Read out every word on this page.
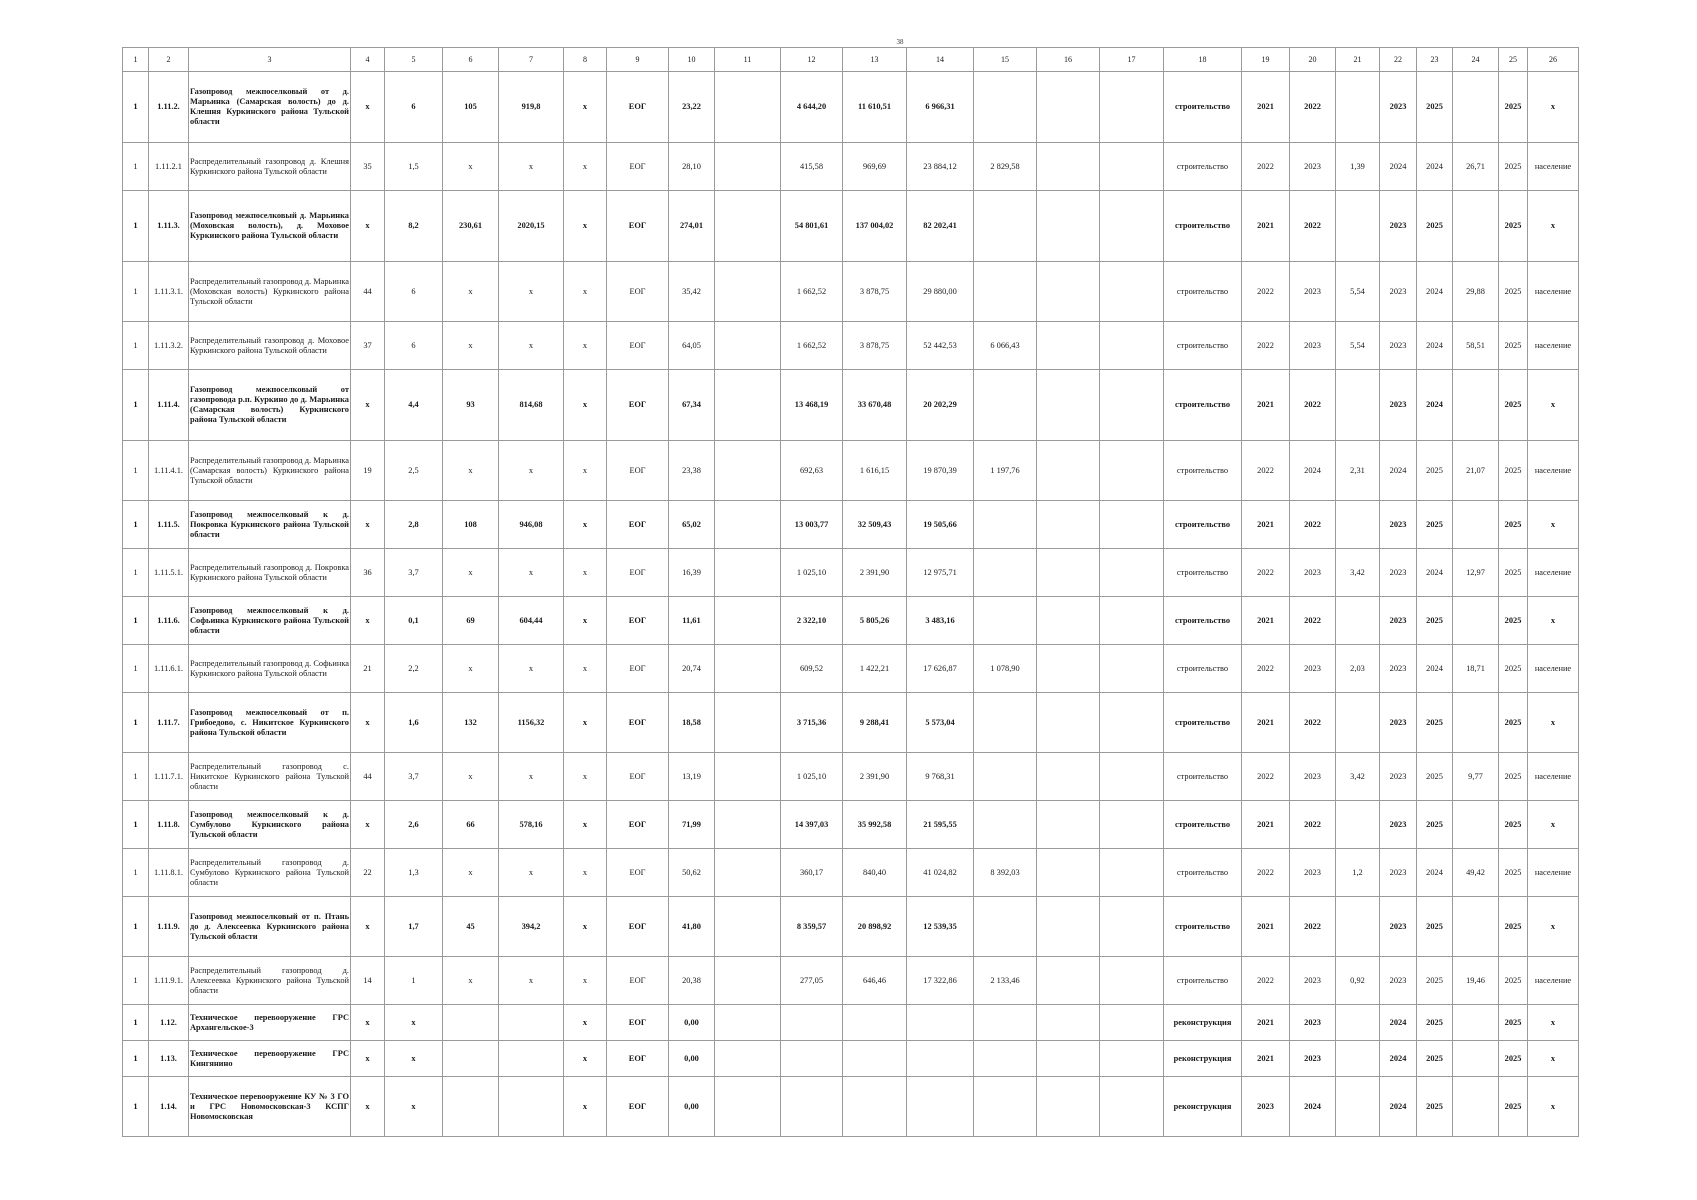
38
1	2	3	4	5	6	7	8	9	10	11	12	13	14	15	16	17	18	19	20	21	22	23	24	25	26
1	1.11.2.	Газопровод межпоселковый от д. Марьинка (Самарская волость) до д. Клешня Куркинского района Тульской области	x	6	105	919,8	x	ЕОГ	23,22		4 644,20	11 610,51	6 966,31				строительство	2021	2022		2023	2025		2025	x
1	1.11.2.1	Распределительный газопровод д. Клешня Куркинского района Тульской области	35	1,5	x	x	x	ЕОГ	28,10		415,58	969,69	23 884,12	2 829,58			строительство	2022	2023	1,39	2024	2024	26,71	2025	население
1	1.11.3.	Газопровод межпоселковый д. Марьинка (Моховская волость), д. Моховое Куркинского района Тульской области	x	8,2	230,61	2020,15	x	ЕОГ	274,01		54 801,61	137 004,02	82 202,41				строительство	2021	2022		2023	2025		2025	x
1	1.11.3.1.	Распределительный газопровод д. Марьинка (Моховская волость) Куркинского района Тульской области	44	6	x	x	x	ЕОГ	35,42		1 662,52	3 878,75	29 880,00				строительство	2022	2023	5,54	2023	2024	29,88	2025	население
1	1.11.3.2.	Распределительный газопровод д. Моховое Куркинского района Тульской области	37	6	x	x	x	ЕОГ	64,05		1 662,52	3 878,75	52 442,53	6 066,43			строительство	2022	2023	5,54	2023	2024	58,51	2025	население
1	1.11.4.	Газопровод межпоселковый от газопровода р.п. Куркино до д. Марьинка (Самарская волость) Куркинского района Тульской области	x	4,4	93	814,68	x	ЕОГ	67,34		13 468,19	33 670,48	20 202,29				строительство	2021	2022		2023	2024		2025	x
1	1.11.4.1.	Распределительный газопровод д. Марьинка (Самарская волость) Куркинского района Тульской области	19	2,5	x	x	x	ЕОГ	23,38		692,63	1 616,15	19 870,39	1 197,76			строительство	2022	2024	2,31	2024	2025	21,07	2025	население
1	1.11.5.	Газопровод межпоселковый к д. Покровка Куркинского района Тульской области	x	2,8	108	946,08	x	ЕОГ	65,02		13 003,77	32 509,43	19 505,66				строительство	2021	2022		2023	2025		2025	x
1	1.11.5.1.	Распределительный газопровод д. Покровка Куркинского района Тульской области	36	3,7	x	x	x	ЕОГ	16,39		1 025,10	2 391,90	12 975,71				строительство	2022	2023	3,42	2023	2024	12,97	2025	население
1	1.11.6.	Газопровод межпоселковый к д. Софьинка Куркинского района Тульской области	x	0,1	69	604,44	x	ЕОГ	11,61		2 322,10	5 805,26	3 483,16				строительство	2021	2022		2023	2025		2025	x
1	1.11.6.1.	Распределительный газопровод д. Софьинка Куркинского района Тульской области	21	2,2	x	x	x	ЕОГ	20,74		609,52	1 422,21	17 626,87	1 078,90			строительство	2022	2023	2,03	2023	2024	18,71	2025	население
1	1.11.7.	Газопровод межпоселковый от п. Грибоедово, с. Никитское Куркинского района Тульской области	x	1,6	132	1156,32	x	ЕОГ	18,58		3 715,36	9 288,41	5 573,04				строительство	2021	2022		2023	2025		2025	x
1	1.11.7.1.	Распределительный газопровод с. Никитское Куркинского района Тульской области	44	3,7	x	x	x	ЕОГ	13,19		1 025,10	2 391,90	9 768,31				строительство	2022	2023	3,42	2023	2025	9,77	2025	население
1	1.11.8.	Газопровод межпоселковый к д. Сумбулово Куркинского района Тульской области	x	2,6	66	578,16	x	ЕОГ	71,99		14 397,03	35 992,58	21 595,55				строительство	2021	2022		2023	2025		2025	x
1	1.11.8.1.	Распределительный газопровод д. Сумбулово Куркинского района Тульской области	22	1,3	x	x	x	ЕОГ	50,62		360,17	840,40	41 024,82	8 392,03			строительство	2022	2023	1,2	2023	2024	49,42	2025	население
1	1.11.9.	Газопровод межпоселковый от п. Птань до д. Алексеевка Куркинского района Тульской области	x	1,7	45	394,2	x	ЕОГ	41,80		8 359,57	20 898,92	12 539,35				строительство	2021	2022		2023	2025		2025	x
1	1.11.9.1.	Распределительный газопровод д. Алексеевка Куркинского района Тульской области	14	1	x	x	x	ЕОГ	20,38		277,05	646,46	17 322,86	2 133,46			строительство	2022	2023	0,92	2023	2025	19,46	2025	население
1	1.12.	Техническое перевооружение ГРС Архангельское-3	x	x			x	ЕОГ	0,00								реконструкция	2021	2023		2024	2025		2025	x
1	1.13.	Техническое перевооружение ГРС Кингянино	x	x			x	ЕОГ	0,00								реконструкция	2021	2023		2024	2025		2025	x
1	1.14.	Техническое перевооружение КУ № 3 ГО и ГРС Новомосковская-3 КСПГ Новомосковская	x	x			x	ЕОГ	0,00								реконструкция	2023	2024		2024	2025		2025	x
